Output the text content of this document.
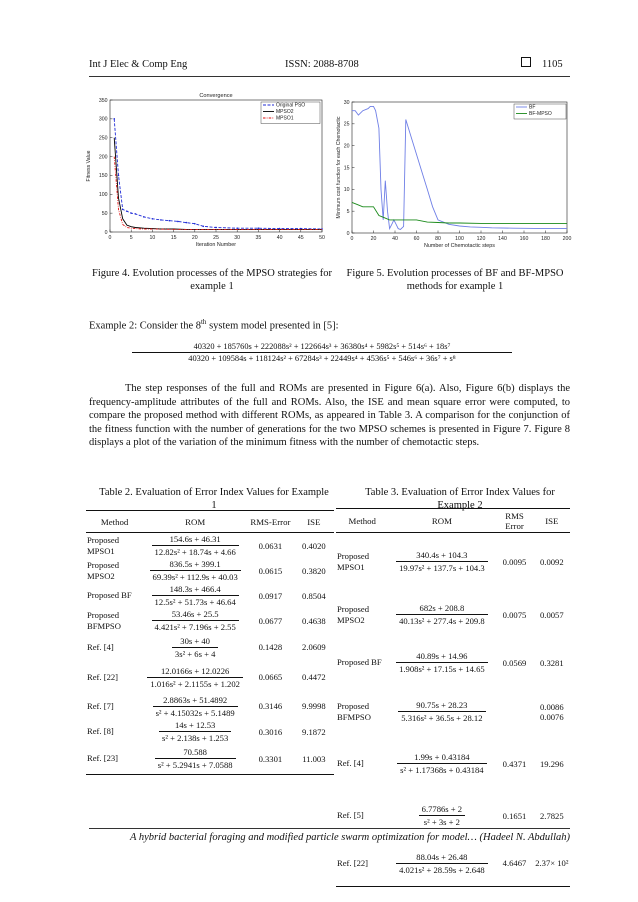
Int J Elec & Comp Eng	ISSN: 2088-8708	1105
0	5	10	15	20	25	30	35	40	45	50
0
50
100
150
200
250
300
350
Convergence
Iteration Number
Fitness Value
Original PSO
MPSO2
MPSO1
0	20	40	60	80	100 120 140 160 180 200
0
5
10
15
20
25
30
Number of Chemotactic steps
Minimum cost function for each Chemotactic
BF
BF-MPSO
Figure 4. Evolution processes of the MPSO strategies for example 1
Figure 5. Evolution processes of BF and BF-MPSO methods for example 1
Example 2: Consider the 8th system model presented in [5]:
40320 + 185760s + 222088s² + 122664s³ + 36380s⁴ + 5982s⁵ + 514s⁶ + 18s⁷
40320 + 109584s + 118124s² + 67284s³ + 22449s⁴ + 4536s⁵ + 546s⁶ + 36s⁷ + s⁸
The step responses of the full and ROMs are presented in Figure 6(a). Also, Figure 6(b) displays the frequency-amplitude attributes of the full and ROMs. Also, the ISE and mean square error were computed, to compare the proposed method with different ROMs, as appeared in Table 3. A comparison for the conjunction of the fitness function with the number of generations for the two MPSO schemes is presented in Figure 7. Figure 8 displays a plot of the variation of the minimum fitness with the number of chemotactic steps.
Table 2. Evaluation of Error Index Values for Example 1
Method	ROM	RMS-Error	ISE
Proposed MPSO1	$\frac{154.6s + 46.31}{\text{12.82s² + 18.74s + 4.66}}$	0.0631	0.4020
Proposed MPSO2	$\frac{836.5s + 399.1}{\text{69.39s² + 112.9s + 40.03}}$	0.0615	0.3820
Proposed BF	$\frac{148.3s + 466.4}{\text{12.5s² + 51.73s + 46.64}}$	0.0917	0.8504
Proposed BFMPSO	$\frac{53.46s + 25.5}{\text{4.421s² + 7.196s + 2.55}}$	0.0677	0.4638
Ref. [4]	$\frac{30s + 40}{\text{3s² + 6s + 4}}$	0.1428	2.0609
Ref. [22]	$\frac{12.0166s + 12.0226}{\text{1.016s² + 2.1155s + 1.202}}$	0.0665	0.4472
Ref. [7]	$\frac{2.8863s + 51.4892}{\text{s² + 4.15032s + 5.1489}}$	0.3146	9.9998
Ref. [8]	$\frac{14s + 12.53}{\text{s² + 2.138s + 1.253}}$	0.3016	9.1872
Ref. [23]	$\frac{70.588}{\text{s² + 5.2941s + 7.0588}}$	0.3301	11.003
Table 3. Evaluation of Error Index Values for Example 2
Method	ROM	RMS Error	ISE
Proposed MPSO1	$\frac{340.4s + 104.3}{\text{19.97s² + 137.7s + 104.3}}$	0.0095	0.0092
Proposed MPSO2	$\frac{682s + 208.8}{\text{40.13s² + 277.4s + 209.8}}$	0.0075	0.0057
Proposed BF	$\frac{40.89s + 14.96}{\text{1.908s² + 17.15s + 14.65}}$	0.0569	0.3281
Proposed BFMPSO	$\frac{90.75s + 28.23}{\text{5.316s² + 36.5s + 28.12}}$		0.0086 0.0076
Ref. [4]	$\frac{1.99s + 0.43184}{\text{s² + 1.17368s + 0.43184}}$	0.4371	19.296
Ref. [5]	$\frac{6.7786s + 2}{\text{s² + 3s + 2}}$	0.1651	2.7825
Ref. [22]	$\frac{88.04s + 26.48}{\text{4.021s² + 28.59s + 2.648}}$	4.6467	2.37× 10²
A hybrid bacterial foraging and modified particle swarm optimization for model… (Hadeel N. Abdullah)
